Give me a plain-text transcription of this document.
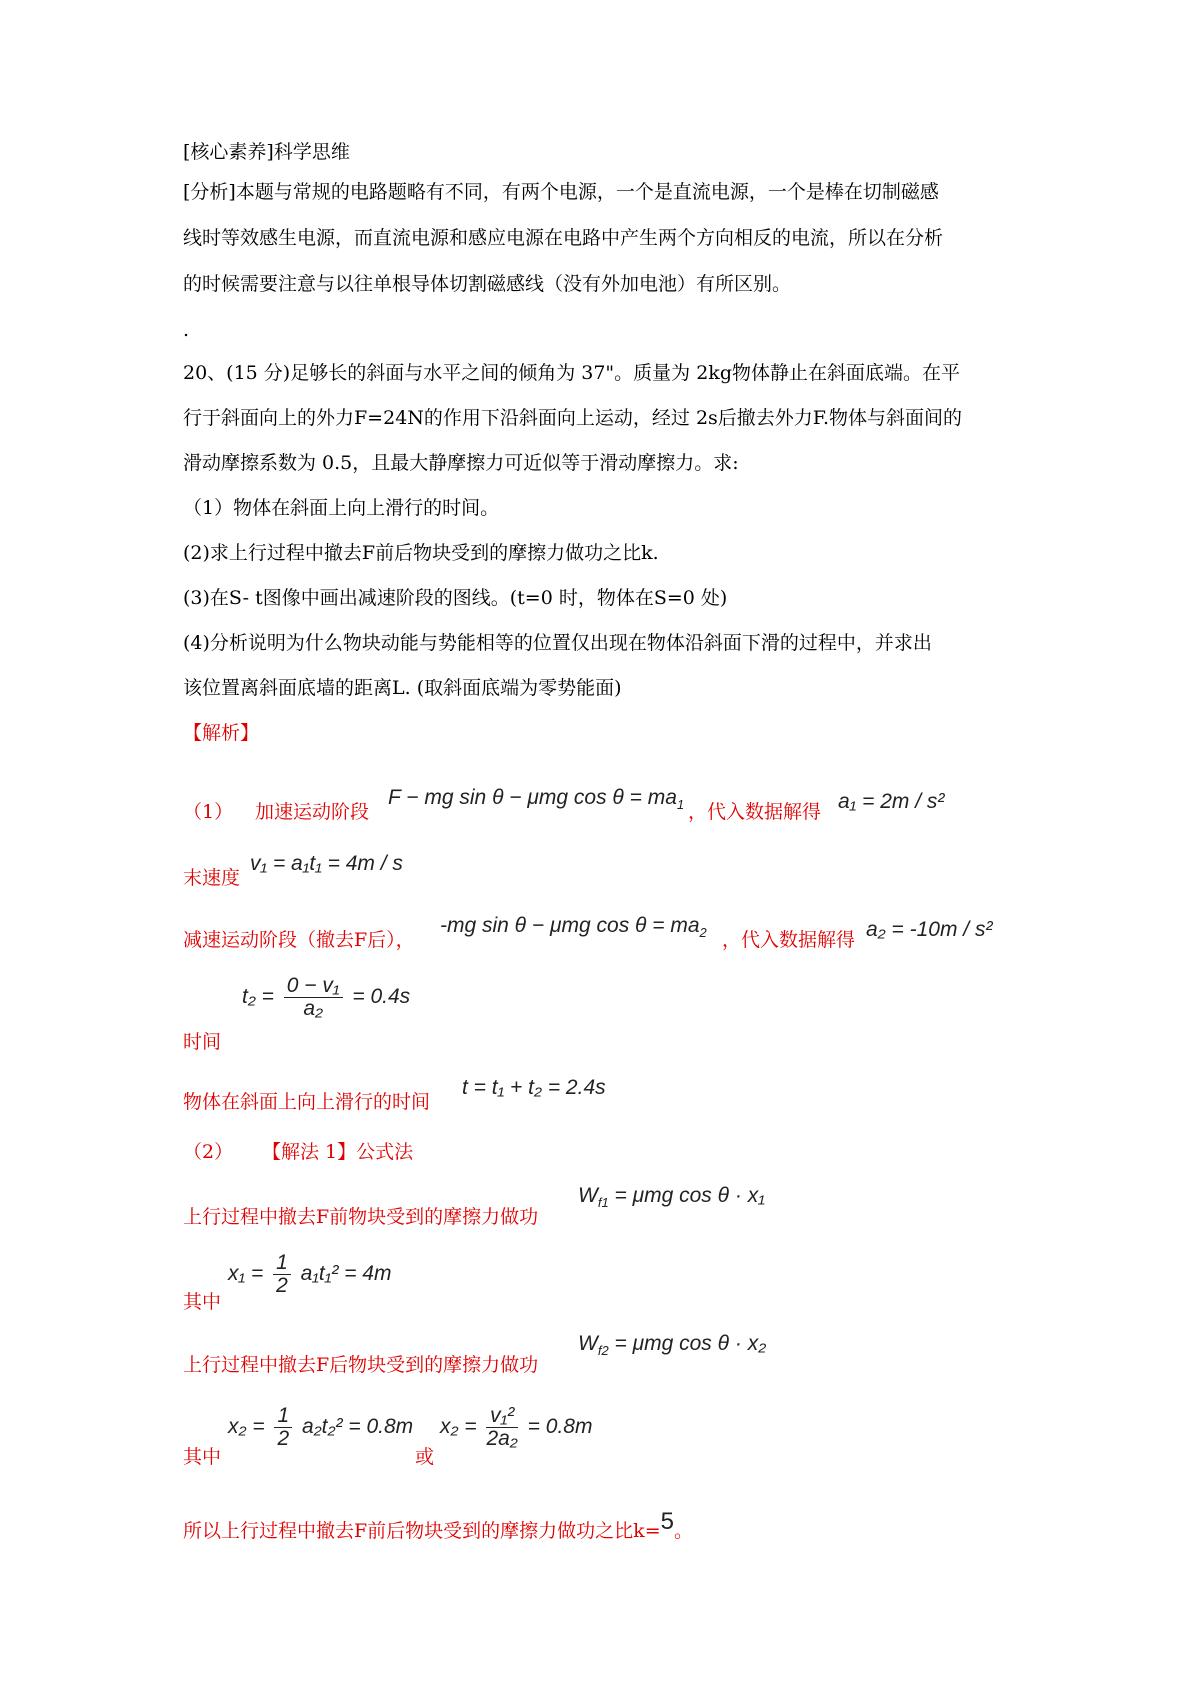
[核心素养]科学思维
[分析]本题与常规的电路题略有不同，有两个电源，一个是直流电源，一个是棒在切制磁感
线时等效感生电源，而直流电源和感应电源在电路中产生两个方向相反的电流，所以在分析
的时候需要注意与以往单根导体切割磁感线（没有外加电池）有所区别。
.
20、(15 分)足够长的斜面与水平之间的倾角为 37"。质量为 2kg物体静止在斜面底端。在平
行于斜面向上的外力F=24N的作用下沿斜面向上运动，经过 2s后撤去外力F.物体与斜面间的
滑动摩擦系数为 0.5，且最大静摩擦力可近似等于滑动摩擦力。求:
（1）物体在斜面上向上滑行的时间。
(2)求上行过程中撤去F前后物块受到的摩擦力做功之比k.
(3)在S- t图像中画出减速阶段的图线。(t=0 时，物体在S=0 处)
(4)分析说明为什么物块动能与势能相等的位置仅出现在物体沿斜面下滑的过程中，并求出
该位置离斜面底墙的距离L. (取斜面底端为零势能面)
【解析】
（1） 加速运动阶段
F − mg sin θ − μmg $\cos \theta = ma_1$ ，代入数据解得 a₁ = 2m / s²
末速度
v₁ = a₁t₁ = 4m / s
减速运动阶段（撤去F后），
-mg sin θ − μmg $\cos \theta = ma_2$ ，代入数据解得 a₂ = -10m / s²
$t_2 = \frac{\text{0 − v₁}}{\text{a₂}} = 0.4s$
时间
物体在斜面上向上滑行的时间
t = t₁ + t₂ = 2.4s
（2） 【解法 1】公式法
上行过程中撤去F前物块受到的摩擦力做功
$W_{f1} = \mu mg$ cos θ · x₁
$x_1 = \frac{1}{2} a_1t_1^2 = 4m$
其中
上行过程中撤去F后物块受到的摩擦力做功
$W_{f2} = \mu mg$ cos θ · x₂
$x_2 = \frac{1}{2} a_2t_2^2 = 0.8m$
其中	或
$x_2 = \frac{\text{v₁²}}{\text{2a₂}} = 0.8m$
所以上行过程中撤去F前后物块受到的摩擦力做功之比k=5。
